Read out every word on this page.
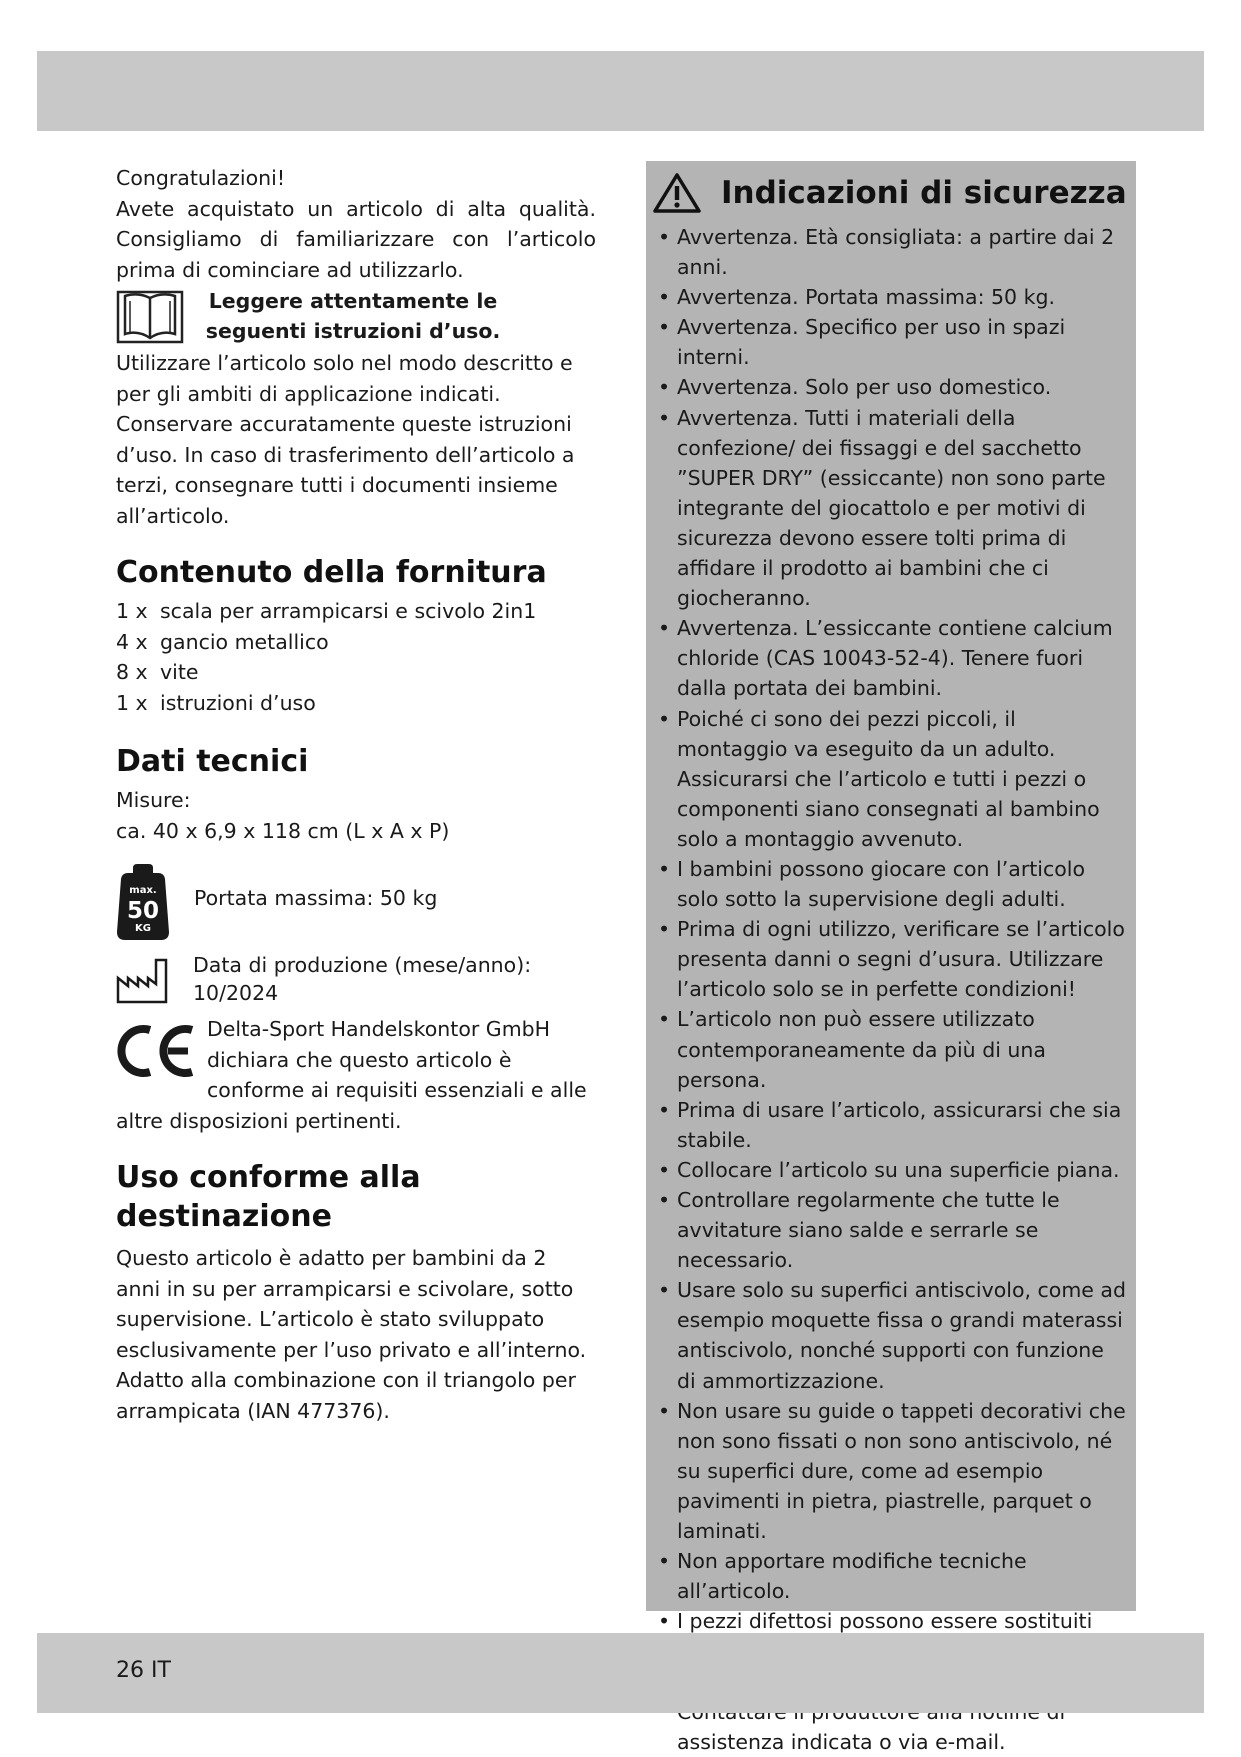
Congratulazioni!

Avete acquistato un articolo di alta qualità. Consigliamo di familiarizzare con l’articolo prima di cominciare ad utilizzarlo.

Leggere attentamente le
seguenti istruzioni d’uso.

Utilizzare l’articolo solo nel modo descritto e per gli ambiti di applicazione indicati. Conservare accuratamente queste istruzioni d’uso. In caso di trasferimento dell’articolo a terzi, consegnare tutti i documenti insieme all’articolo.

Contenuto della fornitura
1 x scala per arrampicarsi e scivolo 2in1
4 x gancio metallico
8 x vite
1 x istruzioni d’uso
Dati tecnici

Misure:

ca. 40 x 6,9 x 118 cm (L x A x P)

max.
50
KG
Portata massima: 50 kg
Data di produzione (mese/anno):
10/2024
Delta-Sport Handelskontor GmbH dichiara che questo articolo è conforme ai requisiti essenziali e alle

altre disposizioni pertinenti.

Uso conforme alla destinazione

Questo articolo è adatto per bambini da 2 anni in su per arrampicarsi e scivolare, sotto supervisione. L’articolo è stato sviluppato esclusivamente per l’uso privato e all’interno. Adatto alla combinazione con il triangolo per arrampicata (IAN 477376).

Indicazioni di sicurezza
• Avvertenza. Età consigliata: a partire dai 2 anni.
• Avvertenza. Portata massima: 50 kg.
• Avvertenza. Specifico per uso in spazi interni.
• Avvertenza. Solo per uso domestico.
• Avvertenza. Tutti i materiali della confezione/ dei fissaggi e del sacchetto ”SUPER DRY” (essiccante) non sono parte integrante del giocattolo e per motivi di sicurezza devono essere tolti prima di affidare il prodotto ai bambini che ci giocheranno.
• Avvertenza. L’essiccante contiene calcium chloride (CAS 10043-52-4). Tenere fuori dalla portata dei bambini.
• Poiché ci sono dei pezzi piccoli, il montaggio va eseguito da un adulto. Assicurarsi che l’articolo e tutti i pezzi o componenti siano consegnati al bambino solo a montaggio avvenuto.
• I bambini possono giocare con l’articolo solo sotto la supervisione degli adulti.
• Prima di ogni utilizzo, verificare se l’articolo presenta danni o segni d’usura. Utilizzare l’articolo solo se in perfette condizioni!
• L’articolo non può essere utilizzato contemporaneamente da più di una persona.
• Prima di usare l’articolo, assicurarsi che sia stabile.
• Collocare l’articolo su una superficie piana.
• Controllare regolarmente che tutte le avvitature siano salde e serrarle se necessario.
• Usare solo su superfici antiscivolo, come ad esempio moquette fissa o grandi materassi antiscivolo, nonché supporti con funzione di ammortizzazione.
• Non usare su guide o tappeti decorativi che non sono fissati o non sono antiscivolo, né su superfici dure, come ad esempio pavimenti in pietra, piastrelle, parquet o laminati.
• Non apportare modifiche tecniche all’articolo.
• I pezzi difettosi possono essere sostituiti assistenza indicata o via e-mail.
26 IT
